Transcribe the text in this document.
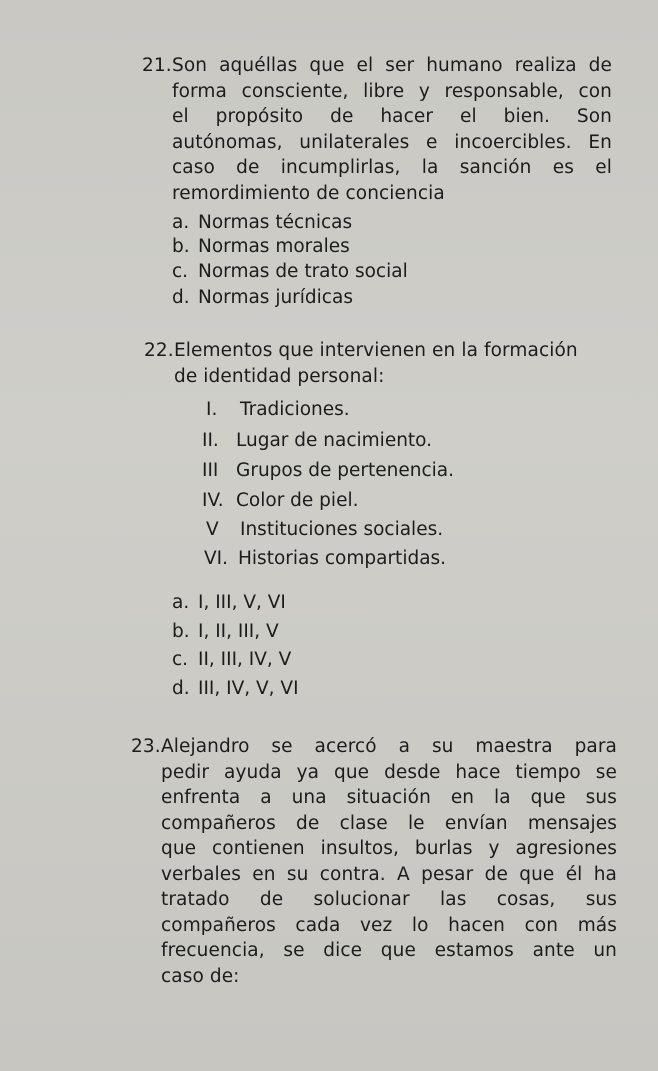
21. Son aquéllas que el ser humano realiza de
forma consciente, libre y responsable, con
el propósito de hacer el bien. Son
autónomas, unilaterales e incoercibles. En
caso de incumplirlas, la sanción es el
remordimiento de conciencia
a. Normas técnicas
b. Normas morales
c. Normas de trato social
d. Normas jurídicas
22. Elementos que intervienen en la formación
de identidad personal:
I. Tradiciones.
II. Lugar de nacimiento.
III Grupos de pertenencia.
IV. Color de piel.
V Instituciones sociales.
VI. Historias compartidas.
a. I, III, V, VI
b. I, II, III, V
c. II, III, IV, V
d. III, IV, V, VI
23. Alejandro se acercó a su maestra para
pedir ayuda ya que desde hace tiempo se
enfrenta a una situación en la que sus
compañeros de clase le envían mensajes
que contienen insultos, burlas y agresiones
verbales en su contra. A pesar de que él ha
tratado de solucionar las cosas, sus
compañeros cada vez lo hacen con más
frecuencia, se dice que estamos ante un
caso de:
